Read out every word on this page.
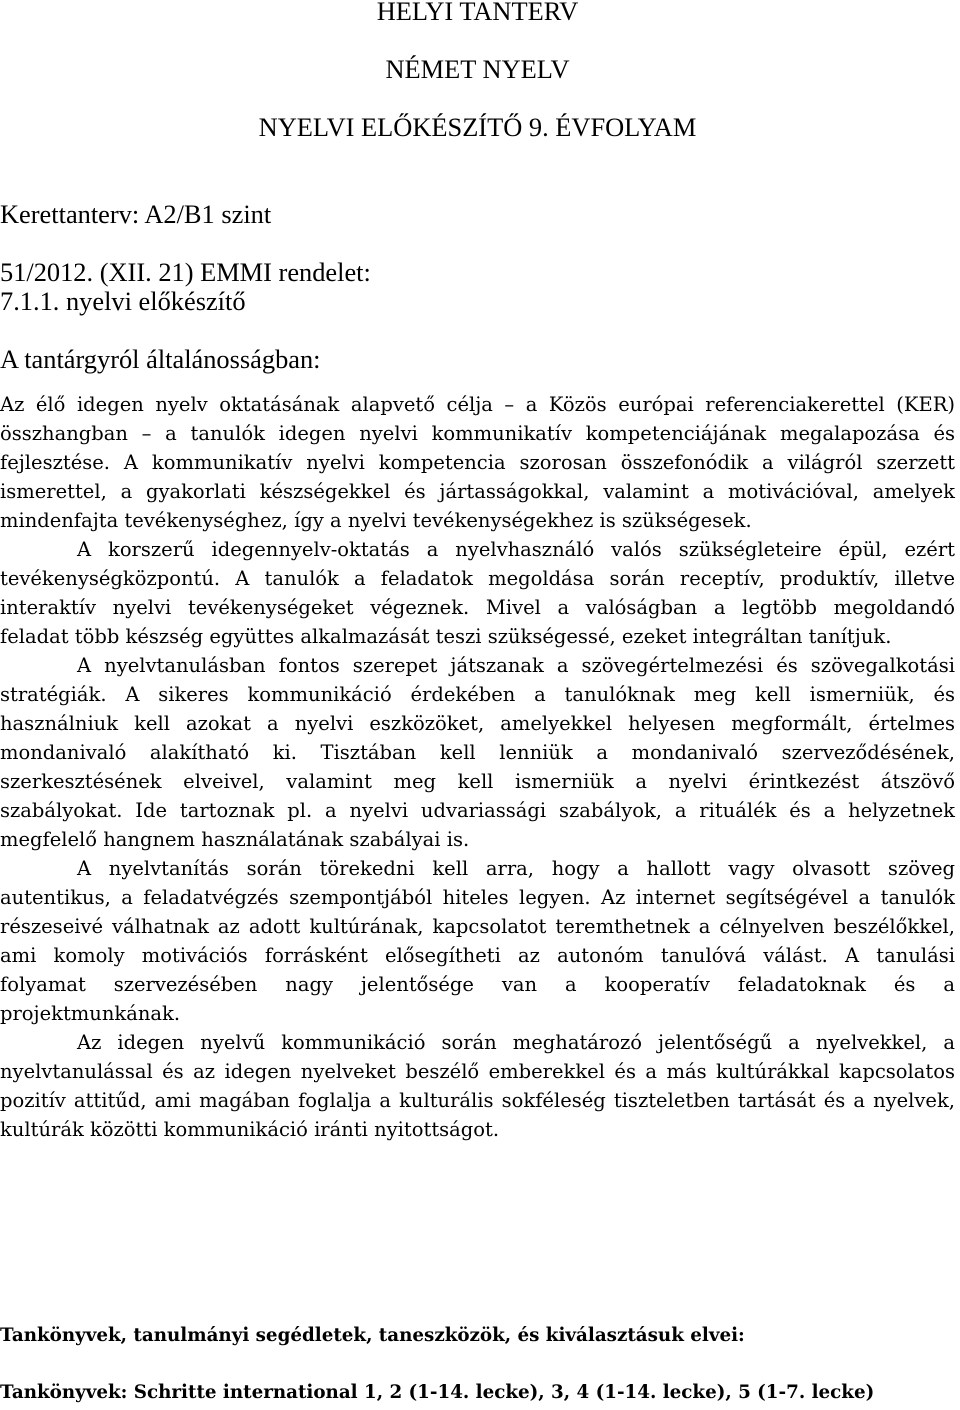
HELYI TANTERV
NÉMET NYELV
NYELVI ELŐKÉSZÍTŐ 9. ÉVFOLYAM
Kerettanterv: A2/B1 szint
51/2012. (XII. 21) EMMI rendelet:
7.1.1. nyelvi előkészítő
A tantárgyról általánosságban:
Az élő idegen nyelv oktatásának alapvető célja – a Közös európai referenciakerettel (KER)
összhangban – a tanulók idegen nyelvi kommunikatív kompetenciájának megalapozása és
fejlesztése. A kommunikatív nyelvi kompetencia szorosan összefonódik a világról szerzett
ismerettel, a gyakorlati készségekkel és jártasságokkal, valamint a motivációval, amelyek
mindenfajta tevékenységhez, így a nyelvi tevékenységekhez is szükségesek.
A korszerű idegennyelv-oktatás a nyelvhasználó valós szükségleteire épül, ezért
tevékenységközpontú. A tanulók a feladatok megoldása során receptív, produktív, illetve
interaktív nyelvi tevékenységeket végeznek. Mivel a valóságban a legtöbb megoldandó
feladat több készség együttes alkalmazását teszi szükségessé, ezeket integráltan tanítjuk.
A nyelvtanulásban fontos szerepet játszanak a szövegértelmezési és szövegalkotási
stratégiák. A sikeres kommunikáció érdekében a tanulóknak meg kell ismerniük, és
használniuk kell azokat a nyelvi eszközöket, amelyekkel helyesen megformált, értelmes
mondanivaló alakítható ki. Tisztában kell lenniük a mondanivaló szerveződésének,
szerkesztésének elveivel, valamint meg kell ismerniük a nyelvi érintkezést átszövő
szabályokat. Ide tartoznak pl. a nyelvi udvariassági szabályok, a rituálék és a helyzetnek
megfelelő hangnem használatának szabályai is.
A nyelvtanítás során törekedni kell arra, hogy a hallott vagy olvasott szöveg
autentikus, a feladatvégzés szempontjából hiteles legyen. Az internet segítségével a tanulók
részeseivé válhatnak az adott kultúrának, kapcsolatot teremthetnek a célnyelven beszélőkkel,
ami komoly motivációs forrásként elősegítheti az autonóm tanulóvá válást. A tanulási
folyamat szervezésében nagy jelentősége van a kooperatív feladatoknak és a
projektmunkának.
Az idegen nyelvű kommunikáció során meghatározó jelentőségű a nyelvekkel, a
nyelvtanulással és az idegen nyelveket beszélő emberekkel és a más kultúrákkal kapcsolatos
pozitív attitűd, ami magában foglalja a kulturális sokféleség tiszteletben tartását és a nyelvek,
kultúrák közötti kommunikáció iránti nyitottságot.
Tankönyvek, tanulmányi segédletek, taneszközök, és kiválasztásuk elvei:
Tankönyvek: Schritte international 1, 2 (1-14. lecke), 3, 4 (1-14. lecke), 5 (1-7. lecke)
